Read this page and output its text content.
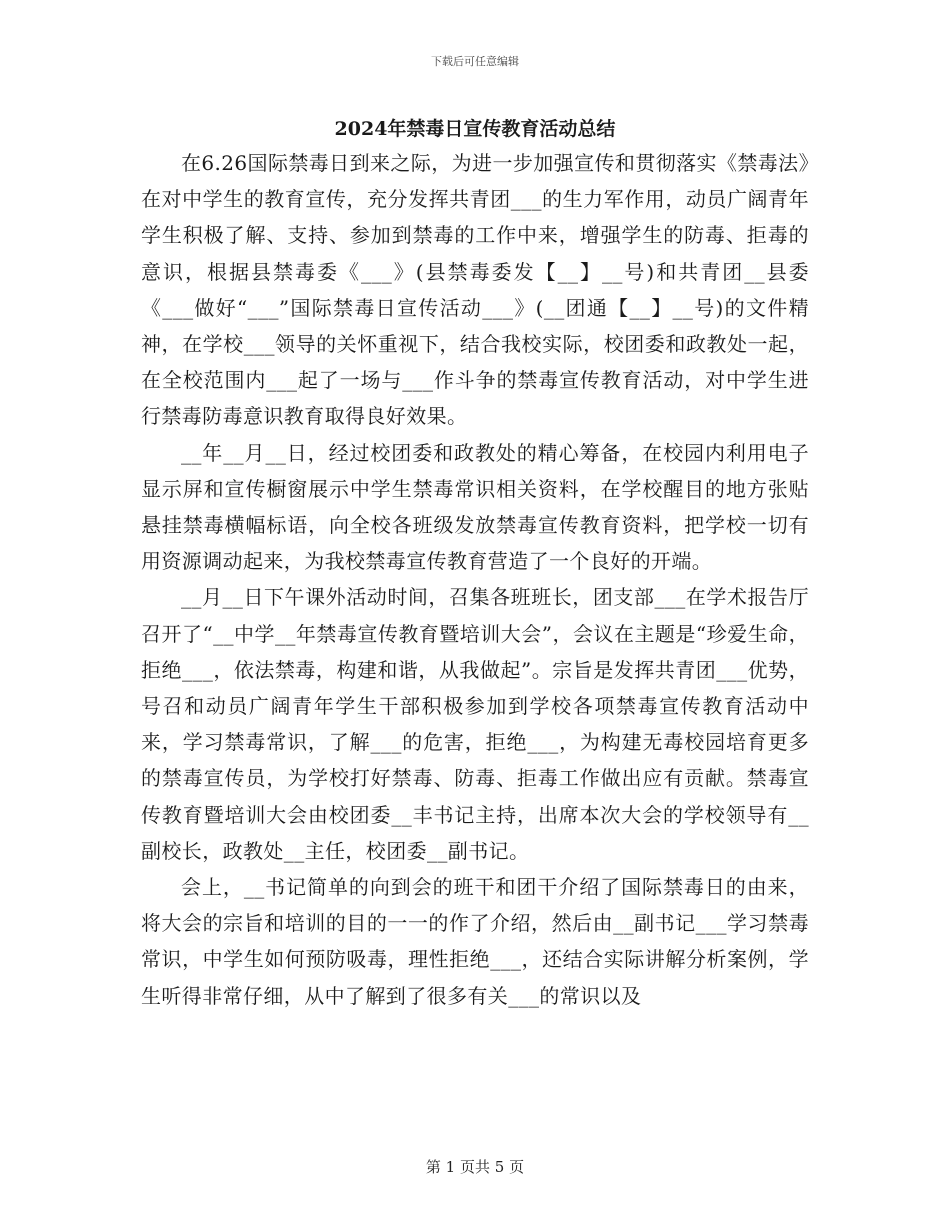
下载后可任意编辑
2024年禁毒日宣传教育活动总结

在6.26国际禁毒日到来之际，为进一步加强宣传和贯彻落实《禁毒法》在对中学生的教育宣传，充分发挥共青团___的生力军作用，动员广阔青年学生积极了解、支持、参加到禁毒的工作中来，增强学生的防毒、拒毒的意识，根据县禁毒委《___》(县禁毒委发【__】__号)和共青团__县委《___做好“___”国际禁毒日宣传活动___》(__团通【__】__号)的文件精神，在学校___领导的关怀重视下，结合我校实际，校团委和政教处一起，在全校范围内___起了一场与___作斗争的禁毒宣传教育活动，对中学生进行禁毒防毒意识教育取得良好效果。

__年__月__日，经过校团委和政教处的精心筹备，在校园内利用电子显示屏和宣传橱窗展示中学生禁毒常识相关资料，在学校醒目的地方张贴悬挂禁毒横幅标语，向全校各班级发放禁毒宣传教育资料，把学校一切有用资源调动起来，为我校禁毒宣传教育营造了一个良好的开端。

__月__日下午课外活动时间，召集各班班长，团支部___在学术报告厅召开了“__中学__年禁毒宣传教育暨培训大会”，会议在主题是“珍爱生命，拒绝___，依法禁毒，构建和谐，从我做起”。宗旨是发挥共青团___优势，号召和动员广阔青年学生干部积极参加到学校各项禁毒宣传教育活动中来，学习禁毒常识，了解___的危害，拒绝___，为构建无毒校园培育更多的禁毒宣传员，为学校打好禁毒、防毒、拒毒工作做出应有贡献。禁毒宣传教育暨培训大会由校团委__丰书记主持，出席本次大会的学校领导有__副校长，政教处__主任，校团委__副书记。

会上，__书记简单的向到会的班干和团干介绍了国际禁毒日的由来，将大会的宗旨和培训的目的一一的作了介绍，然后由__副书记___学习禁毒常识，中学生如何预防吸毒，理性拒绝___，还结合实际讲解分析案例，学生听得非常仔细，从中了解到了很多有关___的常识以及

第 1 页共 5 页
